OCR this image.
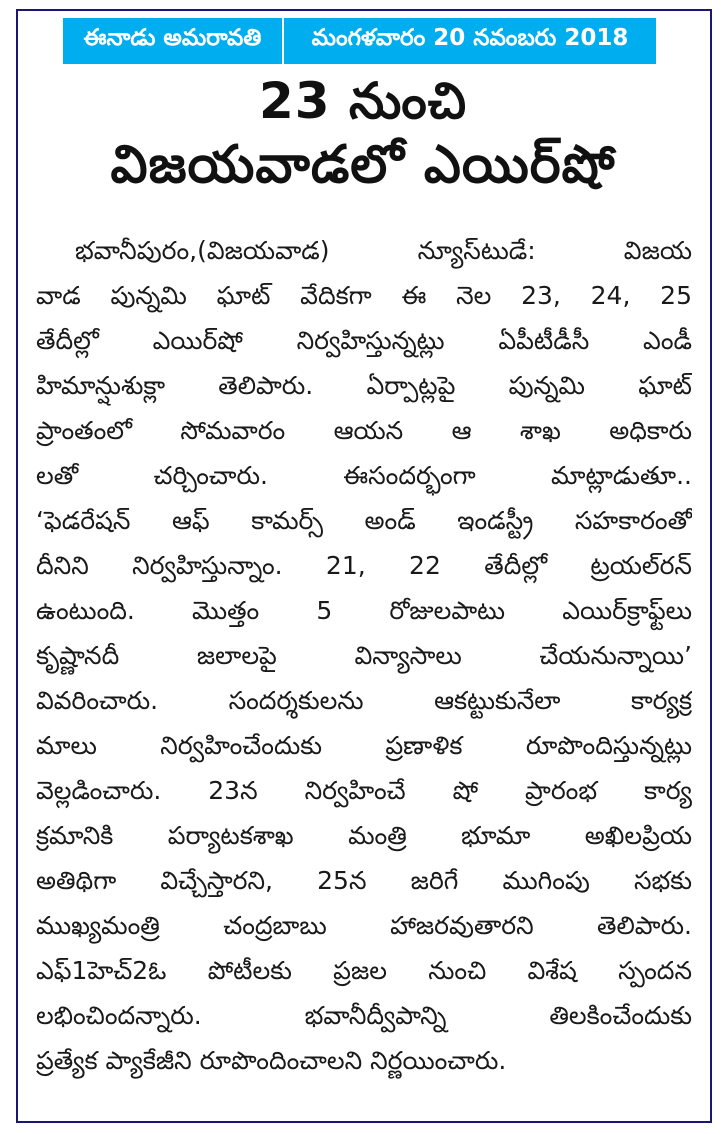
ఈనాడు అమరావతి	మంగళవారం 20 నవంబరు 2018
23 నుంచి
విజయవాడలో ఎయిర్‌షో
భవానీపురం,(విజయవాడ) న్యూస్‌టుడే: విజయ
వాడ పున్నమి ఘాట్ వేదికగా ఈ నెల 23, 24, 25
తేదీల్లో ఎయిర్‌షో నిర్వహిస్తున్నట్లు ఏపీటీడీసీ ఎండీ
హిమాన్షుశుక్లా తెలిపారు. ఏర్పాట్లపై పున్నమి ఘాట్
ప్రాంతంలో సోమవారం ఆయన ఆ శాఖ అధికారు
లతో చర్చించారు. ఈసందర్భంగా మాట్లాడుతూ..
‘ఫెడరేషన్ ఆఫ్ కామర్స్ అండ్ ఇండస్ట్రీ సహకారంతో
దీనిని నిర్వహిస్తున్నాం. 21, 22 తేదీల్లో ట్రయల్‌రన్
ఉంటుంది. మొత్తం 5 రోజులపాటు ఎయిర్‌క్రాఫ్ట్‌లు
కృష్ణానదీ జలాలపై విన్యాసాలు చేయనున్నాయి’
వివరించారు. సందర్శకులను ఆకట్టుకునేలా కార్యక్ర
మాలు నిర్వహించేందుకు ప్రణాళిక రూపొందిస్తున్నట్లు
వెల్లడించారు. 23న నిర్వహించే షో ప్రారంభ కార్య
క్రమానికి పర్యాటకశాఖ మంత్రి భూమా అఖిలప్రియ
అతిథిగా విచ్చేస్తారని, 25న జరిగే ముగింపు సభకు
ముఖ్యమంత్రి చంద్రబాబు హాజరవుతారని తెలిపారు.
ఎఫ్1హెచ్2ఓ పోటీలకు ప్రజల నుంచి విశేష స్పందన
లభించిందన్నారు. భవానీద్వీపాన్ని తిలకించేందుకు
ప్రత్యేక ప్యాకేజీని రూపొందించాలని నిర్ణయించారు.
